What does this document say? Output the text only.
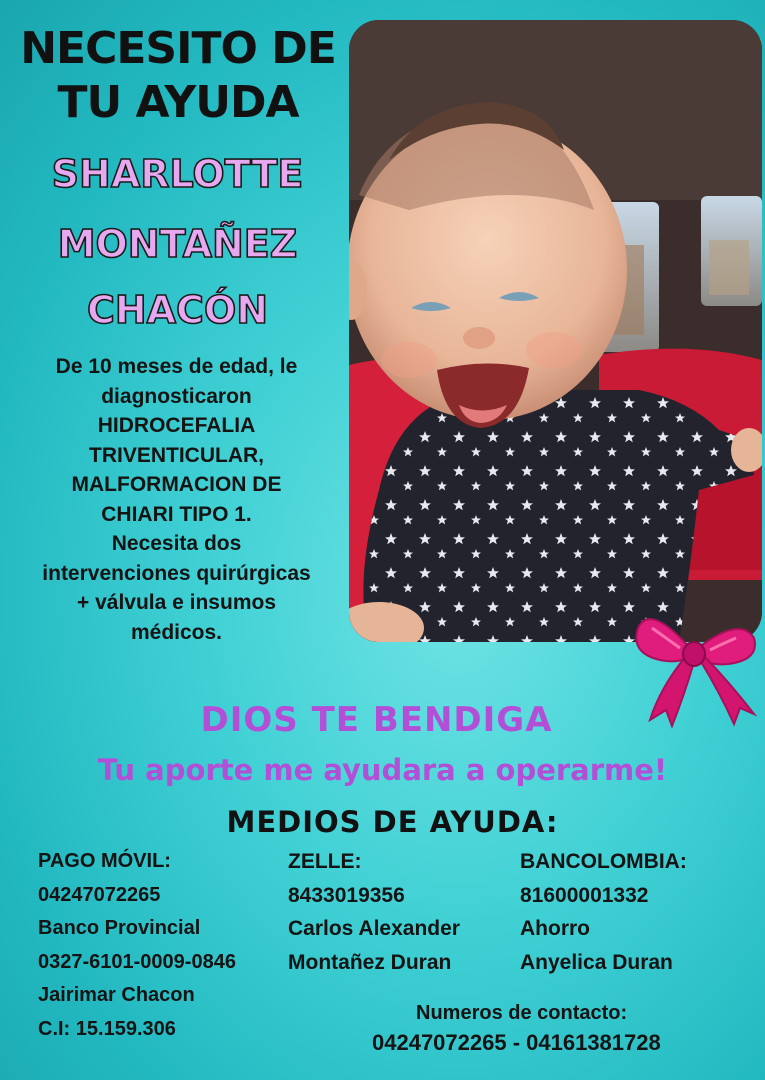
NECESITO DE
TU AYUDA
SHARLOTTE
MONTAÑEZ
CHACÓN
De 10 meses de edad, le
diagnosticaron
HIDROCEFALIA
TRIVENTICULAR,
MALFORMACION DE
CHIARI TIPO 1.
Necesita dos
intervenciones quirúrgicas
+ válvula e insumos
médicos.
DIOS TE BENDIGA
Tu aporte me ayudara a operarme!
MEDIOS DE AYUDA:
PAGO MÓVIL:
04247072265
Banco Provincial
0327-6101-0009-0846
Jairimar Chacon
C.I: 15.159.306
ZELLE:
8433019356
Carlos Alexander
Montañez Duran
BANCOLOMBIA:
81600001332
Ahorro
Anyelica Duran
Numeros de contacto:
04247072265 - 04161381728
